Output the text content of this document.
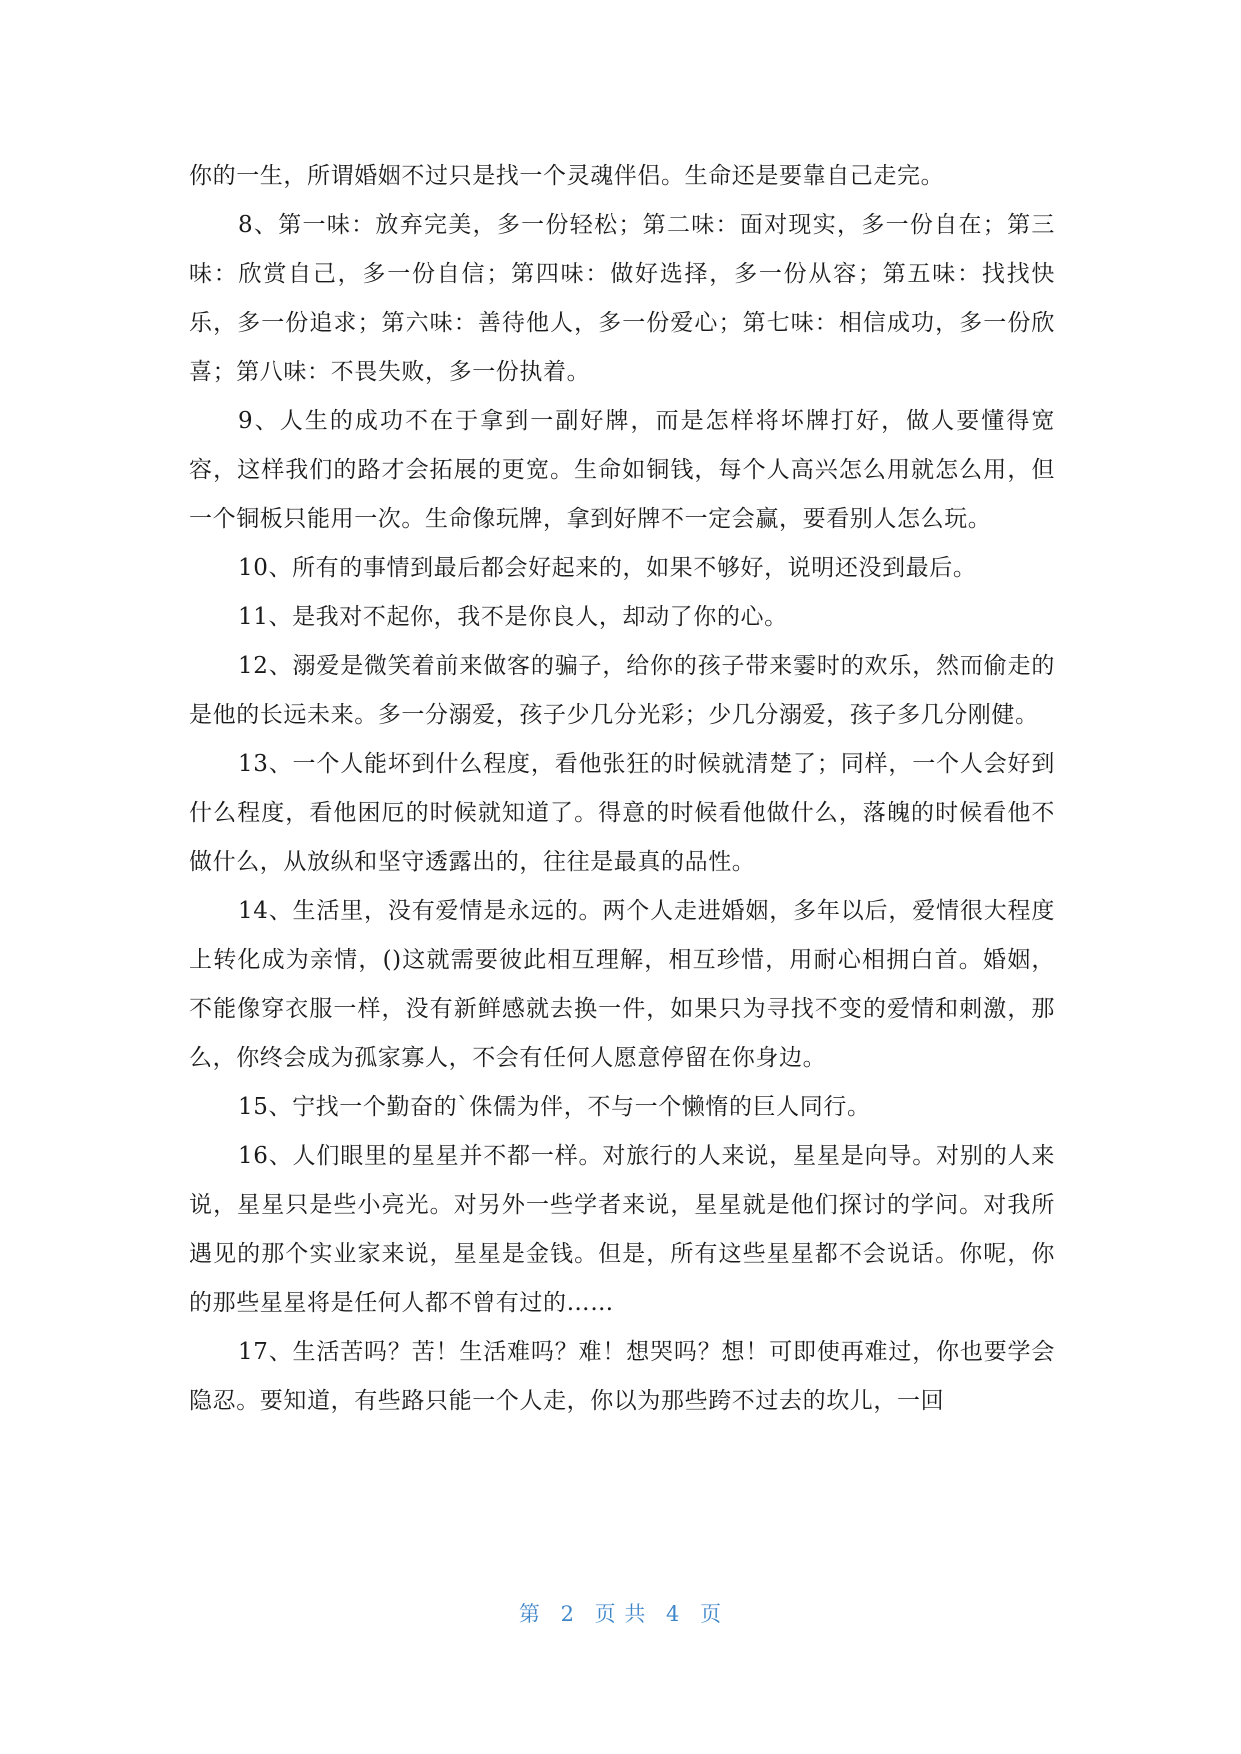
你的一生，所谓婚姻不过只是找一个灵魂伴侣。生命还是要靠自己走完。

8、第一味：放弃完美，多一份轻松；第二味：面对现实，多一份自在；第三味：欣赏自己，多一份自信；第四味：做好选择，多一份从容；第五味：找找快乐，多一份追求；第六味：善待他人，多一份爱心；第七味：相信成功，多一份欣喜；第八味：不畏失败，多一份执着。

9、人生的成功不在于拿到一副好牌，而是怎样将坏牌打好，做人要懂得宽容，这样我们的路才会拓展的更宽。生命如铜钱，每个人高兴怎么用就怎么用，但一个铜板只能用一次。生命像玩牌，拿到好牌不一定会赢，要看别人怎么玩。

10、所有的事情到最后都会好起来的，如果不够好，说明还没到最后。

11、是我对不起你，我不是你良人，却动了你的心。

12、溺爱是微笑着前来做客的骗子，给你的孩子带来霎时的欢乐，然而偷走的是他的长远未来。多一分溺爱，孩子少几分光彩；少几分溺爱，孩子多几分刚健。

13、一个人能坏到什么程度，看他张狂的时候就清楚了；同样，一个人会好到什么程度，看他困厄的时候就知道了。得意的时候看他做什么，落魄的时候看他不做什么，从放纵和坚守透露出的，往往是最真的品性。

14、生活里，没有爱情是永远的。两个人走进婚姻，多年以后，爱情很大程度上转化成为亲情，()这就需要彼此相互理解，相互珍惜，用耐心相拥白首。婚姻，不能像穿衣服一样，没有新鲜感就去换一件，如果只为寻找不变的爱情和刺激，那么，你终会成为孤家寡人，不会有任何人愿意停留在你身边。

15、宁找一个勤奋的`侏儒为伴，不与一个懒惰的巨人同行。

16、人们眼里的星星并不都一样。对旅行的人来说，星星是向导。对别的人来说，星星只是些小亮光。对另外一些学者来说，星星就是他们探讨的学问。对我所遇见的那个实业家来说，星星是金钱。但是，所有这些星星都不会说话。你呢，你的那些星星将是任何人都不曾有过的……

17、生活苦吗？苦！生活难吗？难！想哭吗？想！可即使再难过，你也要学会隐忍。要知道，有些路只能一个人走，你以为那些跨不过去的坎儿，一回

第 2 页 共 4 页
